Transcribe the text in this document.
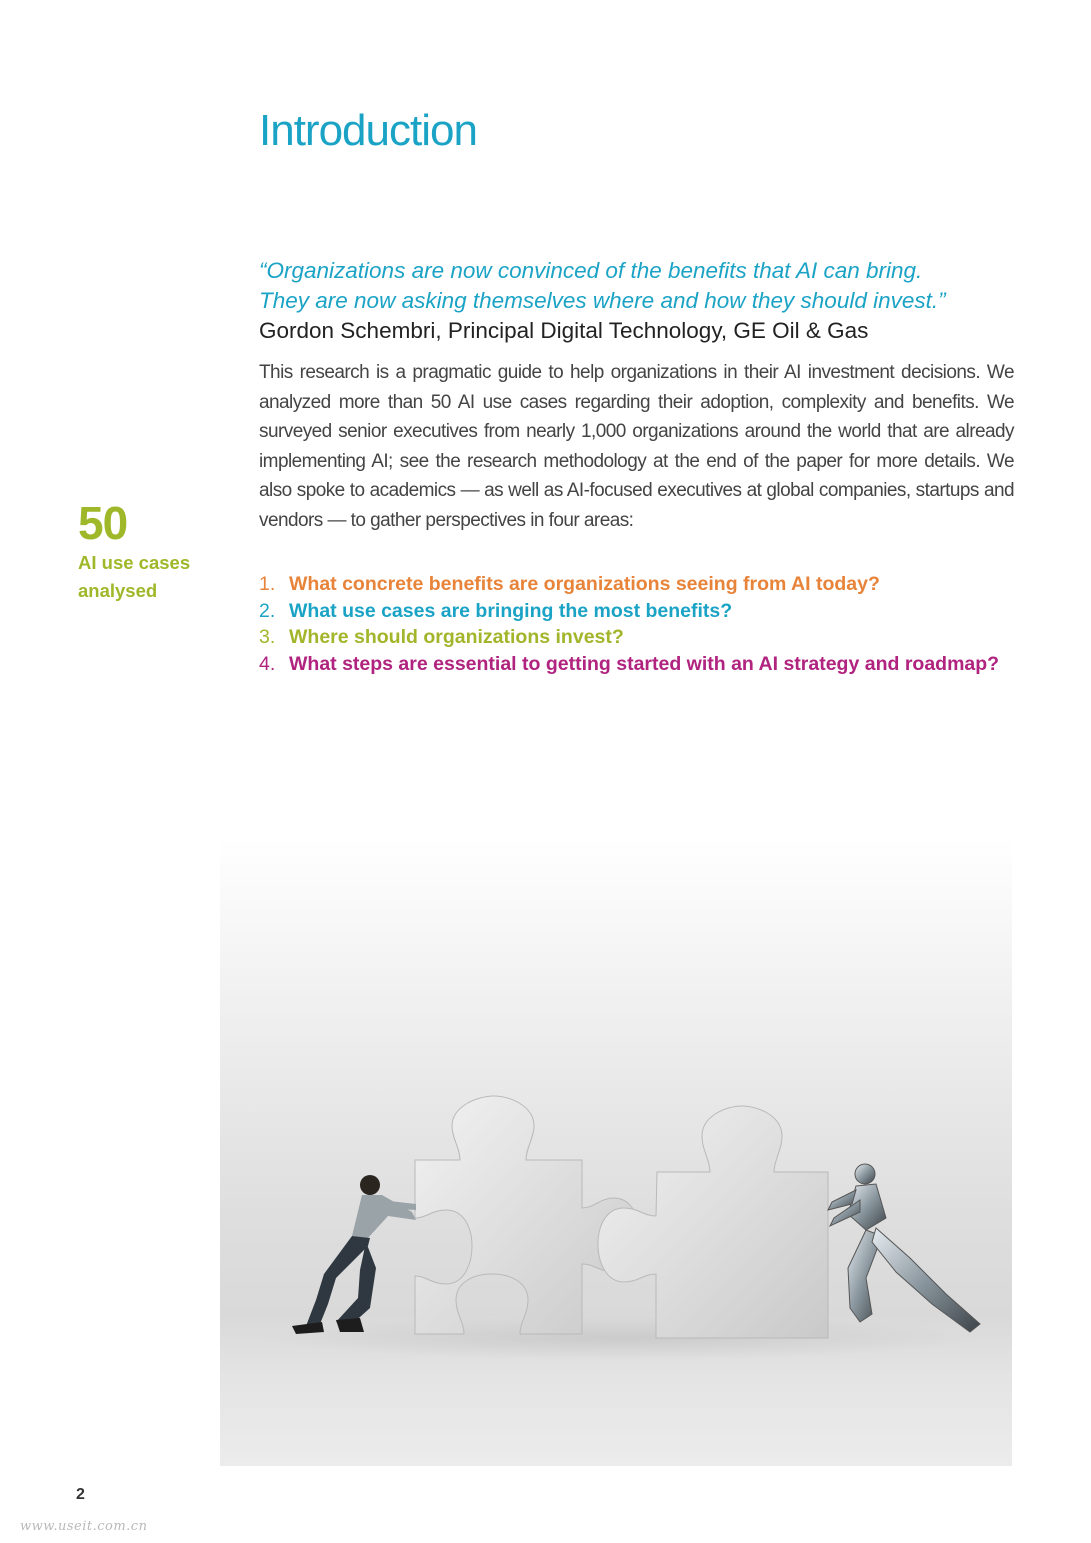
Introduction
“Organizations are now convinced of the benefits that AI can bring.
They are now asking themselves where and how they should invest.”
Gordon Schembri, Principal Digital Technology, GE Oil & Gas

This research is a pragmatic guide to help organizations in their AI investment decisions. We analyzed more than 50 AI use cases regarding their adoption, complexity and benefits. We surveyed senior executives from nearly 1,000 organizations around the world that are already implementing AI; see the research methodology at the end of the paper for more details. We also spoke to academics — as well as AI-focused executives at global companies, startups and vendors — to gather perspectives in four areas:

50
AI use cases
analysed	1. What concrete benefits are organizations seeing from AI today?
2. What use cases are bringing the most benefits?
3. Where should organizations invest?
4. What steps are essential to getting started with an AI strategy and roadmap?
2
www.useit.com.cn
